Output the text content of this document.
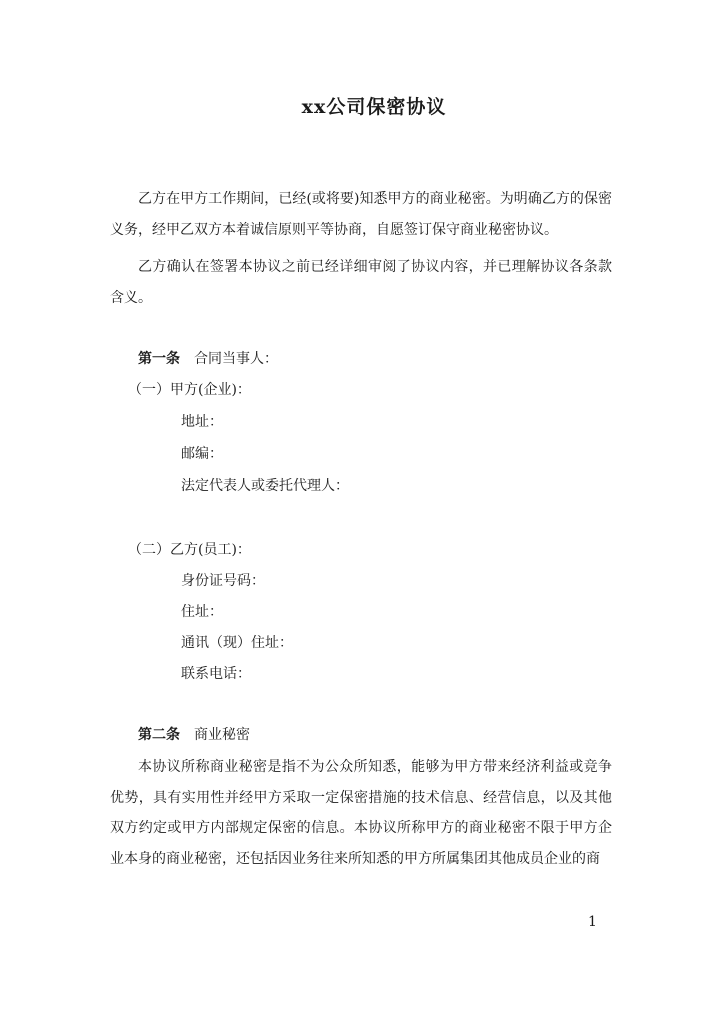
xx公司保密协议

乙方在甲方工作期间，已经(或将要)知悉甲方的商业秘密。为明确乙方的保密义务，经甲乙双方本着诚信原则平等协商，自愿签订保守商业秘密协议。

乙方确认在签署本协议之前已经详细审阅了协议内容，并已理解协议各条款含义。

第一条 合同当事人：
（一）甲方(企业)：
地址：
邮编：
法定代表人或委托代理人：
（二）乙方(员工)：
身份证号码：
住址：
通讯（现）住址：
联系电话：
第二条 商业秘密

本协议所称商业秘密是指不为公众所知悉，能够为甲方带来经济利益或竞争优势，具有实用性并经甲方采取一定保密措施的技术信息、经营信息，以及其他双方约定或甲方内部规定保密的信息。本协议所称甲方的商业秘密不限于甲方企业本身的商业秘密，还包括因业务往来所知悉的甲方所属集团其他成员企业的商

1
